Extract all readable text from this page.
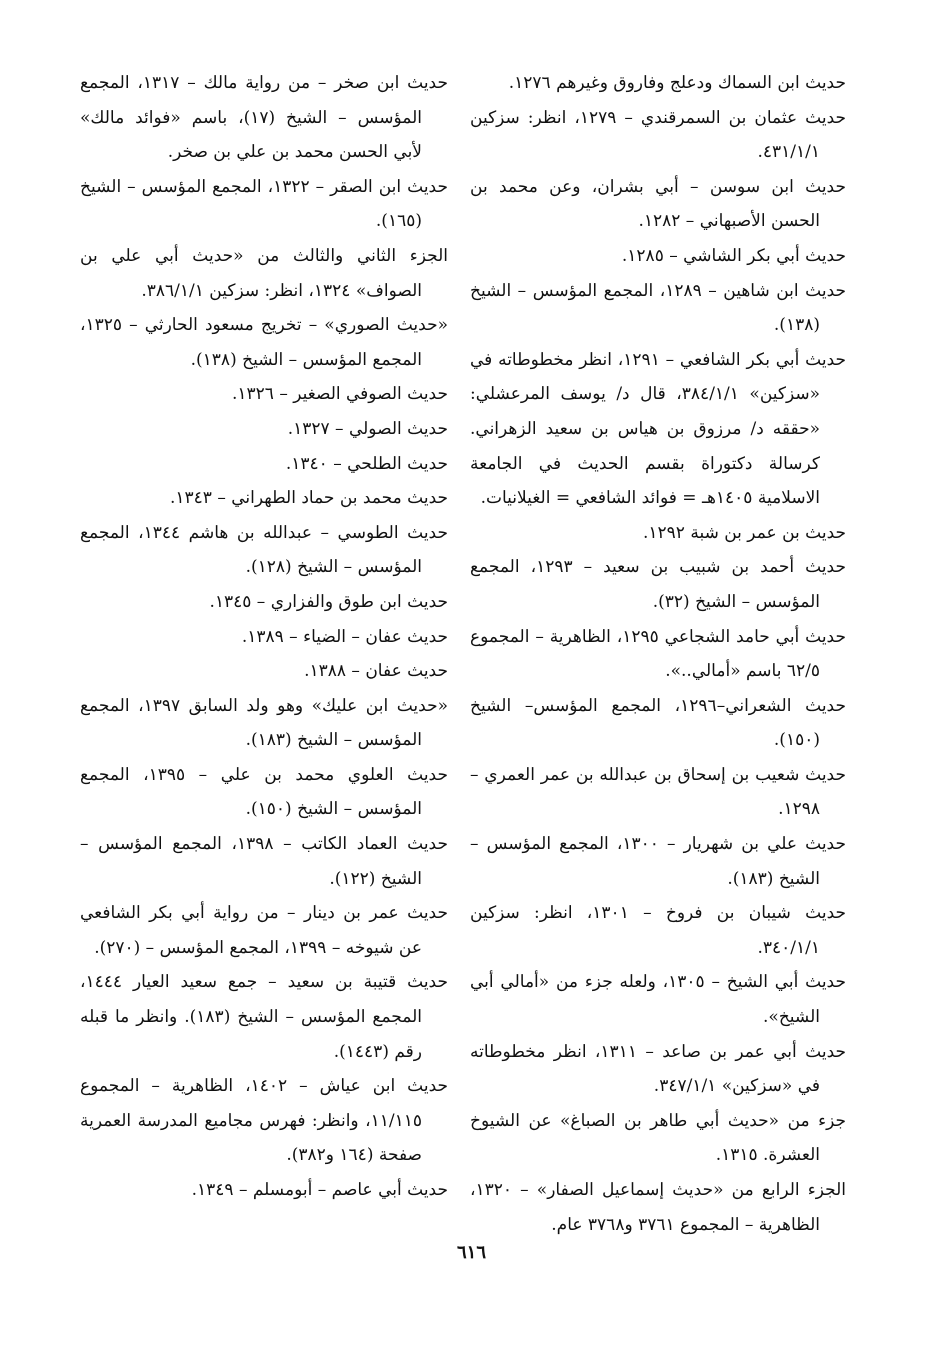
حديث ابن السماك ودعلج وفاروق وغيرهم ١٢٧٦.

حديث عثمان بن السمرقندي – ١٢٧٩، انظر: سزكين ٤٣١/١/١.

حديث ابن سوسن – أبي بشران، وعن محمد بن الحسن الأصبهاني – ١٢٨٢.

حديث أبي بكر الشاشي – ١٢٨٥.

حديث ابن شاهين – ١٢٨٩، المجمع المؤسس – الشيخ (١٣٨).

حديث أبي بكر الشافعي – ١٢٩١، انظر مخطوطاته في «سزكين» ٣٨٤/١/١، قال د/ يوسف المرعشلي: «حققه د/ مرزوق بن هياس بن سعيد الزهراني. كرسالة دكتوراة بقسم الحديث في الجامعة الاسلامية ١٤٠٥هـ = فوائد الشافعي = الغيلانيات.

حديث بن عمر بن شبة ١٢٩٢.

حديث أحمد بن شبيب بن سعيد – ١٢٩٣، المجمع المؤسس – الشيخ (٣٢).

حديث أبي حامد الشجاعي ١٢٩٥، الظاهرية – المجموع ٦٢/٥ باسم «أمالي..».

حديث الشعراني–١٢٩٦، المجمع المؤسس– الشيخ (١٥٠).

حديث شعيب بن إسحاق بن عبدالله بن عمر العمري – ١٢٩٨.

حديث علي بن شهريار – ١٣٠٠، المجمع المؤسس – الشيخ (١٨٣).

حديث شيبان بن فروخ – ١٣٠١، انظر: سزكين ٣٤٠/١/١.

حديث أبي الشيخ – ١٣٠٥، ولعله جزء من «أمالي أبي الشيخ».

حديث أبي عمر بن صاعد – ١٣١١، انظر مخطوطاته في «سزكين» ٣٤٧/١/١.

جزء من «حديث أبي طاهر بن الصباغ» عن الشيوخ العشرة. ١٣١٥.

الجزء الرابع من «حديث إسماعيل الصفار» – ١٣٢٠، الظاهرية – المجموع ٣٧٦١ و٣٧٦٨ عام.

حديث ابن صخر – من رواية مالك – ١٣١٧، المجمع المؤسس – الشيخ (١٧)، باسم «فوائد مالك» لأبي الحسن محمد بن علي بن صخر.

حديث ابن الصقر – ١٣٢٢، المجمع المؤسس – الشيخ (١٦٥).

الجزء الثاني والثالث من «حديث أبي علي بن الصواف» ١٣٢٤، انظر: سزكين ٣٨٦/١/١.

«حديث الصوري» – تخريج مسعود الحارثي – ١٣٢٥، المجمع المؤسس – الشيخ (١٣٨).

حديث الصوفي الصغير – ١٣٢٦.

حديث الصولي – ١٣٢٧.

حديث الطلحي – ١٣٤٠.

حديث محمد بن حماد الطهراني – ١٣٤٣.

حديث الطوسي – عبدالله بن هاشم ١٣٤٤، المجمع المؤسس – الشيخ (١٢٨).

حديث ابن طوق والفزاري – ١٣٤٥.

حديث عفان – الضياء – ١٣٨٩.

حديث عفان – ١٣٨٨.

«حديث ابن عليك» وهو ولد السابق ١٣٩٧، المجمع المؤسس – الشيخ (١٨٣).

حديث العلوي محمد بن علي – ١٣٩٥، المجمع المؤسس – الشيخ (١٥٠).

حديث العماد الكاتب – ١٣٩٨، المجمع المؤسس – الشيخ (١٢٢).

حديث عمر بن دينار – من رواية أبي بكر الشافعي عن شيوخه – ١٣٩٩، المجمع المؤسس – (٢٧٠).

حديث قتيبة بن سعيد – جمع سعيد العيار ١٤٤٤، المجمع المؤسس – الشيخ (١٨٣). وانظر ما قبله رقم (١٤٤٣).

حديث ابن عياش – ١٤٠٢، الظاهرية – المجموع ١١/١١٥، وانظر: فهرس مجاميع المدرسة العمرية صفحة (١٦٤ و٣٨٢).

حديث أبي عاصم – أبومسلم – ١٣٤٩.

٦١٦
